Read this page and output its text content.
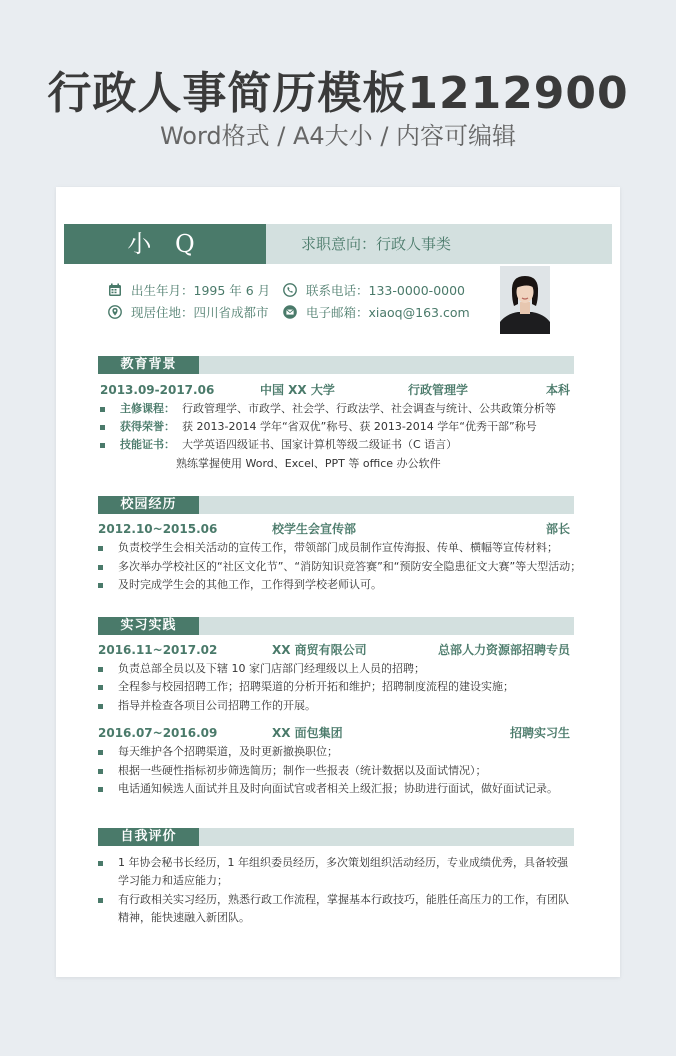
行政人事简历模板1212900
Word格式 / A4大小 / 内容可编辑
小 Q	求职意向：行政人事类
出生年月：1995 年 6 月	联系电话：133-0000-0000
现居住地：四川省成都市	电子邮箱：xiaoq@163.com
教育背景
2013.09-2017.06	中国 XX 大学	行政管理学	本科
主修课程： 行政管理学、市政学、社会学、行政法学、社会调查与统计、公共政策分析等
获得荣誉： 获 2013-2014 学年“省双优”称号、获 2013-2014 学年“优秀干部”称号
技能证书： 大学英语四级证书、国家计算机等级二级证书（C 语言）
熟练掌握使用 Word、Excel、PPT 等 office 办公软件
校园经历
2012.10~2015.06	校学生会宣传部	部长
负责校学生会相关活动的宣传工作，带领部门成员制作宣传海报、传单、横幅等宣传材料；
多次举办学校社区的“社区文化节”、“消防知识竞答赛”和“预防安全隐患征文大赛”等大型活动；
及时完成学生会的其他工作，工作得到学校老师认可。
实习实践
2016.11~2017.02	XX 商贸有限公司	总部人力资源部招聘专员
负责总部全员以及下辖 10 家门店部门经理级以上人员的招聘；
全程参与校园招聘工作；招聘渠道的分析开拓和维护；招聘制度流程的建设实施；
指导并检查各项目公司招聘工作的开展。
2016.07~2016.09	XX 面包集团	招聘实习生
每天维护各个招聘渠道，及时更新撤换职位；
根据一些硬性指标初步筛选简历；制作一些报表（统计数据以及面试情况）；
电话通知候选人面试并且及时向面试官或者相关上级汇报；协助进行面试，做好面试记录。
自我评价
1 年协会秘书长经历，1 年组织委员经历，多次策划组织活动经历，专业成绩优秀，具备较强学习能力和适应能力；
有行政相关实习经历，熟悉行政工作流程，掌握基本行政技巧，能胜任高压力的工作，有团队精神，能快速融入新团队。
